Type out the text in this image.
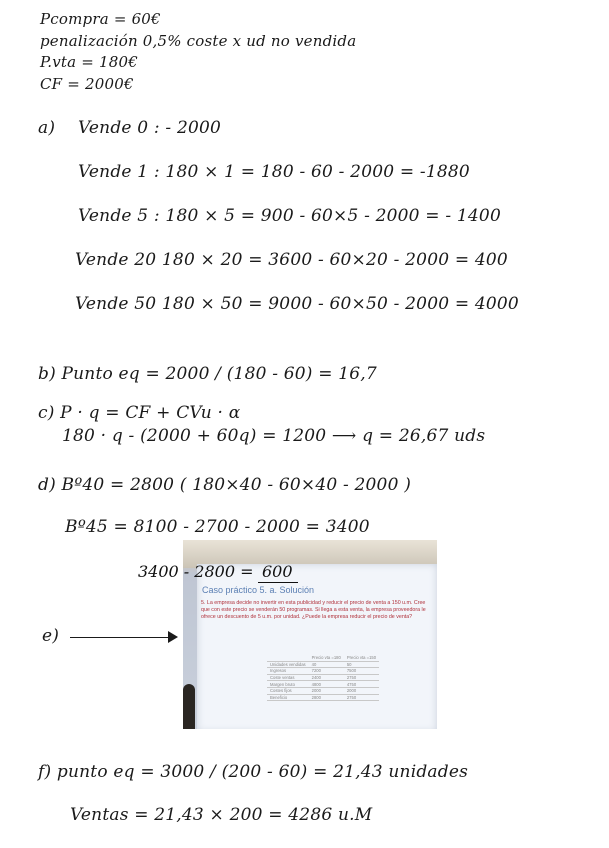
Pcompra = 60€
penalización 0,5% coste x ud no vendida
P.vta = 180€
CF = 2000€
a) Vende 0 : - 2000
Vende 1 : 180 × 1 = 180 - 60 - 2000 = -1880
Vende 5 : 180 × 5 = 900 - 60×5 - 2000 = - 1400
Vende 20 180 × 20 = 3600 - 60×20 - 2000 = 400
Vende 50 180 × 50 = 9000 - 60×50 - 2000 = 4000
b) Punto eq = 2000 / (180 - 60) = 16,7
c) P · q = CF + CVu · α
180 · q - (2000 + 60q) = 1200 ⟶ q = 26,67 uds
d) Bº40 = 2800 ( 180×40 - 60×40 - 2000 )
Bº45 = 8100 - 2700 - 2000 = 3400
Caso práctico 5. a. Solución
5. La empresa decide no invertir en esta publicidad y reducir el precio de venta a 150 u.m. Cree que con este precio se venderán 50 programas. Si llega a esta venta, la empresa proveedora le ofrece un descuento de 5 u.m. por unidad. ¿Puede la empresa reducir el precio de venta?
	Precio vta =180	Precio vta =150
Unidades vendidas	40	50
Ingresos	7200	7500
Coste ventas	2400	2750
Margen bruto	4800	4750
Costes fijos	2000	2000
Beneficio	2800	2750
3400 - 2800 = 600
e)
f) punto eq = 3000 / (200 - 60) = 21,43 unidades
Ventas = 21,43 × 200 = 4286 u.M
